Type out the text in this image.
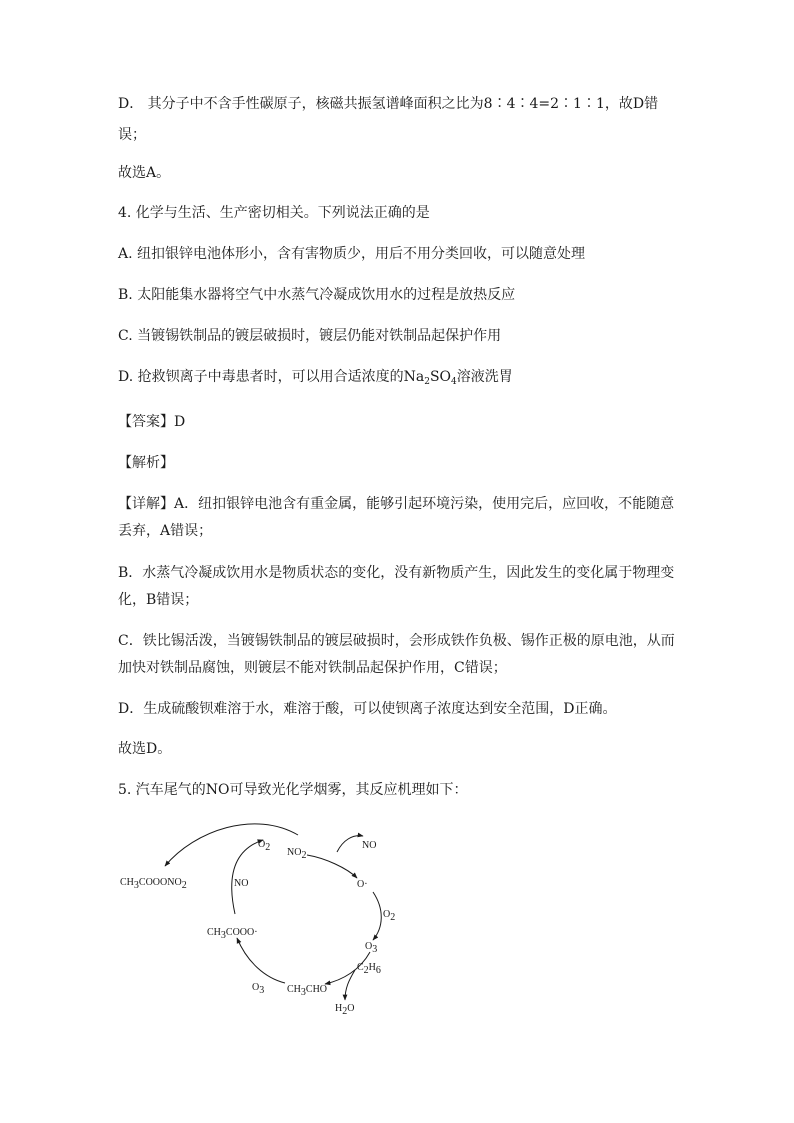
D． 其分子中不含手性碳原子，核磁共振氢谱峰面积之比为8∶4∶4=2∶1∶1，故D错
误；
故选A。
4. 化学与生活、生产密切相关。下列说法正确的是
A. 纽扣银锌电池体形小，含有害物质少，用后不用分类回收，可以随意处理
B. 太阳能集水器将空气中水蒸气冷凝成饮用水的过程是放热反应
C. 当镀锡铁制品的镀层破损时，镀层仍能对铁制品起保护作用
D. 抢救钡离子中毒患者时，可以用合适浓度的$Na_2SO_4$溶液洗胃
【答案】D
【解析】
【详解】A．纽扣银锌电池含有重金属，能够引起环境污染，使用完后，应回收，不能随意
丢弃，A错误；
B．水蒸气冷凝成饮用水是物质状态的变化，没有新物质产生，因此发生的变化属于物理变
化，B错误；
C．铁比锡活泼，当镀锡铁制品的镀层破损时，会形成铁作负极、锡作正极的原电池，从而
加快对铁制品腐蚀，则镀层不能对铁制品起保护作用，C错误；
D．生成硫酸钡难溶于水，难溶于酸，可以使钡离子浓度达到安全范围，D正确。
故选D。
5. 汽车尾气的NO可导致光化学烟雾，其反应机理如下：
O2 NO2
NO
NO
CH3COOONO2	O·
O2
O3
C2H6
H2O
CH3CHO
O3
CH3COOO·
